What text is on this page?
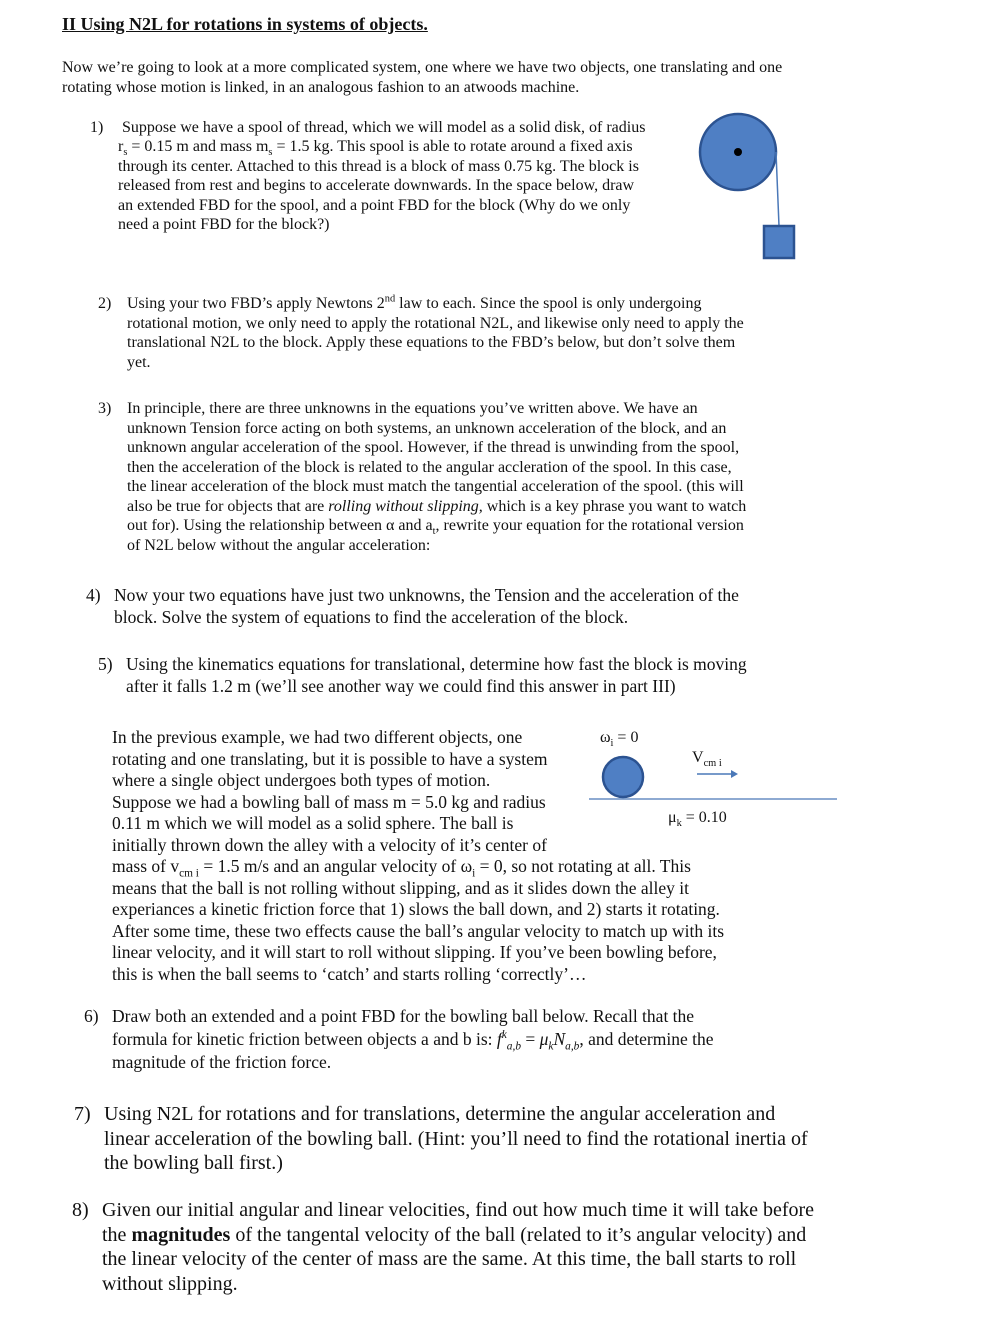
II Using N2L for rotations in systems of objects.
Now we’re going to look at a more complicated system, one where we have two objects, one translating and one rotating whose motion is linked, in an analogous fashion to an atwoods machine.
1) Suppose we have a spool of thread, which we will model as a solid disk, of radius
$r_s = 0.15$ m and mass $m_s = 1.5$ kg. This spool is able to rotate around a fixed axis
through its center. Attached to this thread is a block of mass 0.75 kg. The block is
released from rest and begins to accelerate downwards. In the space below, draw
an extended FBD for the spool, and a point FBD for the block (Why do we only
need a point FBD for the block?)
2) Using your two FBD’s apply Newtons 2nd law to each. Since the spool is only undergoing
rotational motion, we only need to apply the rotational N2L, and likewise only need to apply the
translational N2L to the block. Apply these equations to the FBD’s below, but don’t solve them
yet.
3) In principle, there are three unknowns in the equations you’ve written above. We have an
unknown Tension force acting on both systems, an unknown acceleration of the block, and an
unknown angular acceleration of the spool. However, if the thread is unwinding from the spool,
then the acceleration of the block is related to the angular accleration of the spool. In this case,
the linear acceleration of the block must match the tangential acceleration of the spool. (this will
also be true for objects that are rolling without slipping, which is a key phrase you want to watch
out for). Using the relationship between α and $a_t$, rewrite your equation for the rotational version
of N2L below without the angular acceleration:
4) Now your two equations have just two unknowns, the Tension and the acceleration of the
block. Solve the system of equations to find the acceleration of the block.
5) Using the kinematics equations for translational, determine how fast the block is moving
after it falls 1.2 m (we’ll see another way we could find this answer in part III)
In the previous example, we had two different objects, one
rotating and one translating, but it is possible to have a system
where a single object undergoes both types of motion.
Suppose we had a bowling ball of mass m = 5.0 kg and radius
0.11 m which we will model as a solid sphere. The ball is
initially thrown down the alley with a velocity of it’s center of
mass of $v_{cm i} = 1.5$ m/s and an angular velocity of $\omega_i = 0$, so not rotating at all. This
means that the ball is not rolling without slipping, and as it slides down the alley it
experiances a kinetic friction force that 1) slows the ball down, and 2) starts it rotating.
After some time, these two effects cause the ball’s angular velocity to match up with its
linear velocity, and it will start to roll without slipping. If you’ve been bowling before,
this is when the ball seems to ‘catch’ and starts rolling ‘correctly’…
$\omega_i = 0$
$V_{cm i}$
$\mu_k = 0.10$
6) Draw both an extended and a point FBD for the bowling ball below. Recall that the
formula for kinetic friction between objects a and b is: $f^k_{a,b} = \mu_kN_{a,b}$, and determine the
magnitude of the friction force.
7) Using N2L for rotations and for translations, determine the angular acceleration and
linear acceleration of the bowling ball. (Hint: you’ll need to find the rotational inertia of
the bowling ball first.)
8) Given our initial angular and linear velocities, find out how much time it will take before
the magnitudes of the tangental velocity of the ball (related to it’s angular velocity) and
the linear velocity of the center of mass are the same. At this time, the ball starts to roll
without slipping.
